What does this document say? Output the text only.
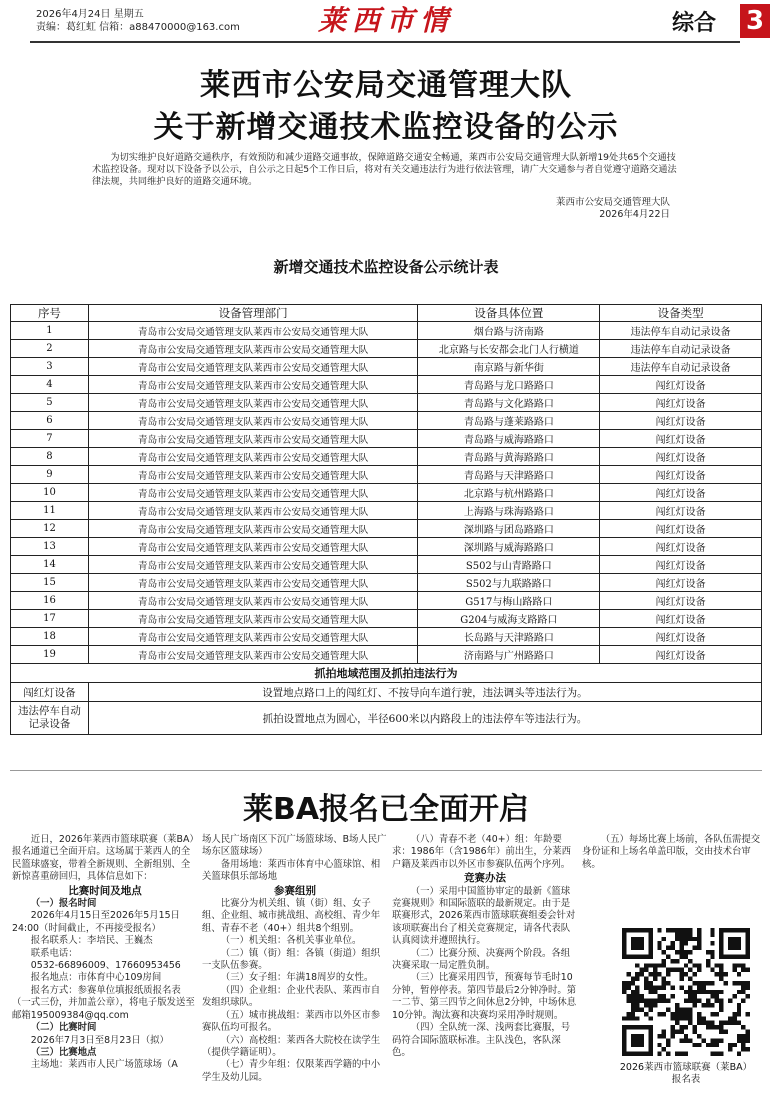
2026年4月24日 星期五
责编：葛红虹 信箱：a88470000@163.com	莱西市情	综合 3
莱西市公安局交通管理大队
关于新增交通技术监控设备的公示
为切实维护良好道路交通秩序，有效预防和减少道路交通事故，保障道路交通安全畅通，莱西市公安局交通管理大队新增19处共65个交通技术监控设备。现对以下设备予以公示，自公示之日起5个工作日后，将对有关交通违法行为进行依法管理，请广大交通参与者自觉遵守道路交通法律法规，共同维护良好的道路交通环境。
莱西市公安局交通管理大队
2026年4月22日
新增交通技术监控设备公示统计表
序号	设备管理部门	设备具体位置	设备类型
1	青岛市公安局交通管理支队莱西市公安局交通管理大队	烟台路与济南路	违法停车自动记录设备
2	青岛市公安局交通管理支队莱西市公安局交通管理大队	北京路与长安都会北门人行横道	违法停车自动记录设备
3	青岛市公安局交通管理支队莱西市公安局交通管理大队	南京路与新华街	违法停车自动记录设备
4	青岛市公安局交通管理支队莱西市公安局交通管理大队	青岛路与龙口路路口	闯红灯设备
5	青岛市公安局交通管理支队莱西市公安局交通管理大队	青岛路与文化路路口	闯红灯设备
6	青岛市公安局交通管理支队莱西市公安局交通管理大队	青岛路与蓬莱路路口	闯红灯设备
7	青岛市公安局交通管理支队莱西市公安局交通管理大队	青岛路与威海路路口	闯红灯设备
8	青岛市公安局交通管理支队莱西市公安局交通管理大队	青岛路与黄海路路口	闯红灯设备
9	青岛市公安局交通管理支队莱西市公安局交通管理大队	青岛路与天津路路口	闯红灯设备
10	青岛市公安局交通管理支队莱西市公安局交通管理大队	北京路与杭州路路口	闯红灯设备
11	青岛市公安局交通管理支队莱西市公安局交通管理大队	上海路与珠海路路口	闯红灯设备
12	青岛市公安局交通管理支队莱西市公安局交通管理大队	深圳路与团岛路路口	闯红灯设备
13	青岛市公安局交通管理支队莱西市公安局交通管理大队	深圳路与威海路路口	闯红灯设备
14	青岛市公安局交通管理支队莱西市公安局交通管理大队	S502与山青路路口	闯红灯设备
15	青岛市公安局交通管理支队莱西市公安局交通管理大队	S502与九联路路口	闯红灯设备
16	青岛市公安局交通管理支队莱西市公安局交通管理大队	G517与梅山路路口	闯红灯设备
17	青岛市公安局交通管理支队莱西市公安局交通管理大队	G204与威海支路路口	闯红灯设备
18	青岛市公安局交通管理支队莱西市公安局交通管理大队	长岛路与天津路路口	闯红灯设备
19	青岛市公安局交通管理支队莱西市公安局交通管理大队	济南路与广州路路口	闯红灯设备
抓拍地域范围及抓拍违法行为			
闯红灯设备	设置地点路口上的闯红灯、不按导向车道行驶，违法调头等违法行为。		
违法停车自动记录设备	抓拍设置地点为圆心，半径600米以内路段上的违法停车等违法行为。		
莱BA报名已全面开启

近日，2026年莱西市篮球联赛（莱BA）报名通道已全面开启。这场属于莱西人的全民篮球盛宴，带着全新规则、全新组别、全新惊喜重磅回归，具体信息如下：

比赛时间及地点

（一）报名时间

2026年4月15日至2026年5月15日24:00（时间截止，不再接受报名）

报名联系人：李培民、王巍杰

联系电话：

0532-66896009、17660953456

报名地点：市体育中心109房间

报名方式：参赛单位填报纸质报名表（一式三份，并加盖公章），将电子版发送至邮箱195009384@qq.com

（二）比赛时间

2026年7月3日至8月23日（拟）

（三）比赛地点

主场地：莱西市人民广场篮球场（A

场人民广场南区下沉广场篮球场、B场人民广场东区篮球场）

备用场地：莱西市体育中心篮球馆、相关篮球俱乐部场地

参赛组别

比赛分为机关组、镇（街）组、女子组、企业组、城市挑战组、高校组、青少年组、青春不老（40+）组共8个组别。

（一）机关组：各机关事业单位。

（二）镇（街）组：各镇（街道）组织一支队伍参赛。

（三）女子组：年满18周岁的女性。

（四）企业组：企业代表队、莱西市自发组织球队。

（五）城市挑战组：莱西市以外区市参赛队伍均可报名。

（六）高校组：莱西各大院校在读学生（提供学籍证明）。

（七）青少年组：仅限莱西学籍的中小学生及幼儿园。

（八）青春不老（40+）组：年龄要求：1986年（含1986年）前出生，分莱西户籍及莱西市以外区市参赛队伍两个序列。

竞赛办法

（一）采用中国篮协审定的最新《篮球竞赛规则》和国际篮联的最新规定。由于是联赛形式，2026莱西市篮球联赛组委会针对该项联赛出台了相关竞赛规定，请各代表队认真阅读并遵照执行。

（二）比赛分预、决赛两个阶段。各组决赛采取一局定胜负制。

（三）比赛采用四节，预赛每节毛时10分钟，暂停停表。第四节最后2分钟净时。第一二节、第三四节之间休息2分钟，中场休息10分钟。淘汰赛和决赛均采用净时规则。

（四）全队统一深、浅两套比赛服，号码符合国际篮联标准。主队浅色，客队深色。

（五）每场比赛上场前，各队伍需提交身份证和上场名单盖印版，交由技术台审核。

2026莱西市篮球联赛（莱BA）
报名表
